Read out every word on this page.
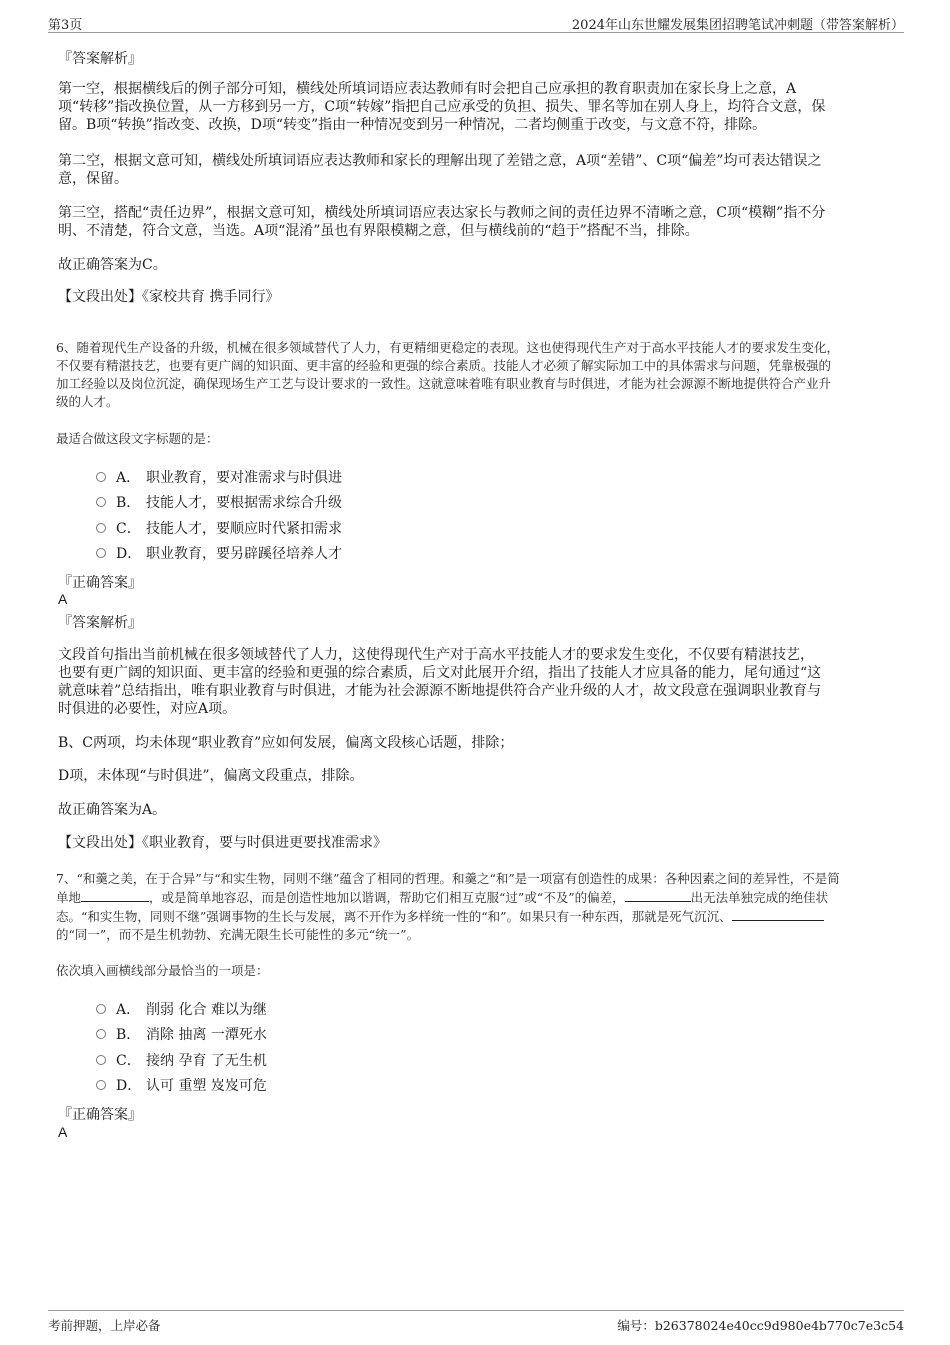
第3页	2024年山东世耀发展集团招聘笔试冲刺题（带答案解析）
『答案解析』
第一空，根据横线后的例子部分可知，横线处所填词语应表达教师有时会把自己应承担的教育职责加在家长身上之意，A
项“转移”指改换位置，从一方移到另一方，C项“转嫁”指把自己应承受的负担、损失、罪名等加在别人身上，均符合文意，保
留。B项“转换”指改变、改换，D项“转变”指由一种情况变到另一种情况，二者均侧重于改变，与文意不符，排除。
第二空，根据文意可知，横线处所填词语应表达教师和家长的理解出现了差错之意，A项“差错”、C项“偏差”均可表达错误之
意，保留。
第三空，搭配“责任边界”，根据文意可知，横线处所填词语应表达家长与教师之间的责任边界不清晰之意，C项“模糊”指不分
明、不清楚，符合文意，当选。A项“混淆”虽也有界限模糊之意，但与横线前的“趋于”搭配不当，排除。
故正确答案为C。
【文段出处】《家校共育 携手同行》
6、随着现代生产设备的升级，机械在很多领域替代了人力，有更精细更稳定的表现。这也使得现代生产对于高水平技能人才的要求发生变化，
不仅要有精湛技艺，也要有更广阔的知识面、更丰富的经验和更强的综合素质。技能人才必须了解实际加工中的具体需求与问题，凭靠极强的
加工经验以及岗位沉淀，确保现场生产工艺与设计要求的一致性。这就意味着唯有职业教育与时俱进，才能为社会源源不断地提供符合产业升
级的人才。
最适合做这段文字标题的是：
A． 职业教育，要对准需求与时俱进
B． 技能人才，要根据需求综合升级
C． 技能人才，要顺应时代紧扣需求
D． 职业教育，要另辟蹊径培养人才
『正确答案』
A
『答案解析』
文段首句指出当前机械在很多领域替代了人力，这使得现代生产对于高水平技能人才的要求发生变化，不仅要有精湛技艺，
也要有更广阔的知识面、更丰富的经验和更强的综合素质，后文对此展开介绍，指出了技能人才应具备的能力，尾句通过“这
就意味着”总结指出，唯有职业教育与时俱进，才能为社会源源不断地提供符合产业升级的人才，故文段意在强调职业教育与
时俱进的必要性，对应A项。
B、C两项，均未体现“职业教育”应如何发展，偏离文段核心话题，排除；
D项，未体现“与时俱进”，偏离文段重点，排除。
故正确答案为A。
【文段出处】《职业教育，要与时俱进更要找准需求》
7、“和羹之美，在于合异”与“和实生物，同则不继”蕴含了相同的哲理。和羹之“和”是一项富有创造性的成果：各种因素之间的差异性，不是简
单地	，或是简单地容忍，而是创造性地加以谐调，帮助它们相互克服“过”或“不及”的偏差，	出无法单独完成的绝佳状
态。“和实生物，同则不继”强调事物的生长与发展，离不开作为多样统一性的“和”。如果只有一种东西，那就是死气沉沉、
的“同一”，而不是生机勃勃、充满无限生长可能性的多元“统一”。
依次填入画横线部分最恰当的一项是：
A． 削弱 化合 难以为继
B． 消除 抽离 一潭死水
C． 接纳 孕育 了无生机
D． 认可 重塑 岌岌可危
『正确答案』
A
考前押题，上岸必备	编号：b26378024e40cc9d980e4b770c7e3c54
